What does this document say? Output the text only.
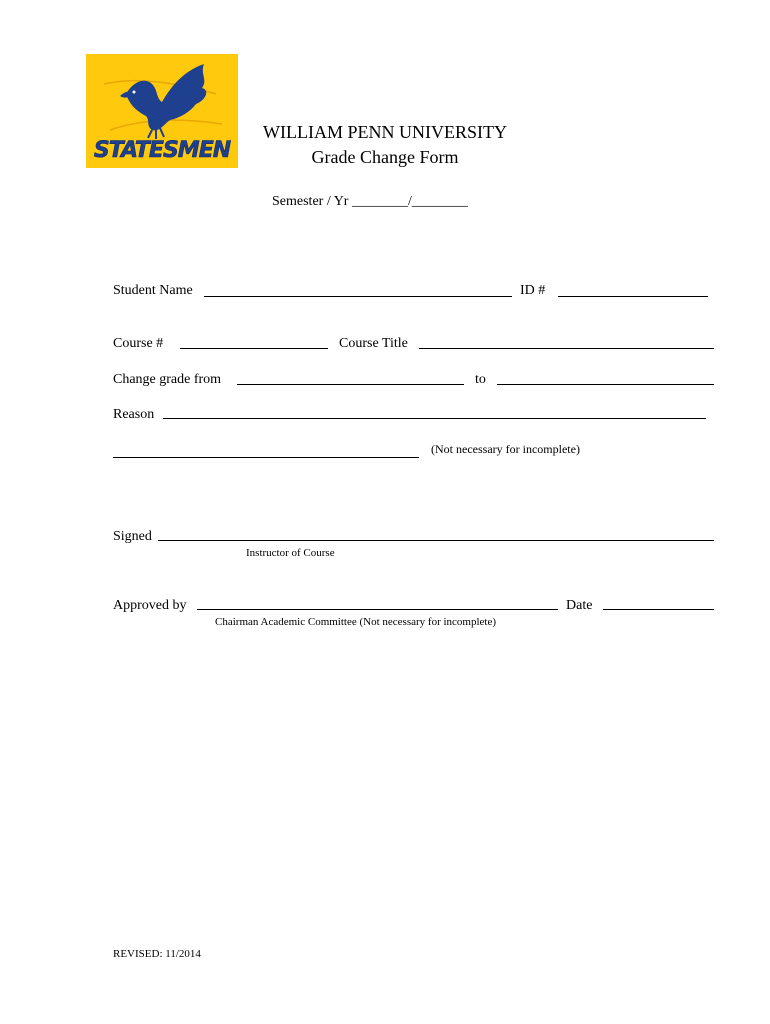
STATESMEN
WILLIAM PENN UNIVERSITY
Grade Change Form
Semester / Yr ________/________
Student Name	ID #
Course #	Course Title
Change grade from	to
Reason
(Not necessary for incomplete)
Signed
Instructor of Course
Approved by	Date
Chairman Academic Committee (Not necessary for incomplete)
REVISED: 11/2014
